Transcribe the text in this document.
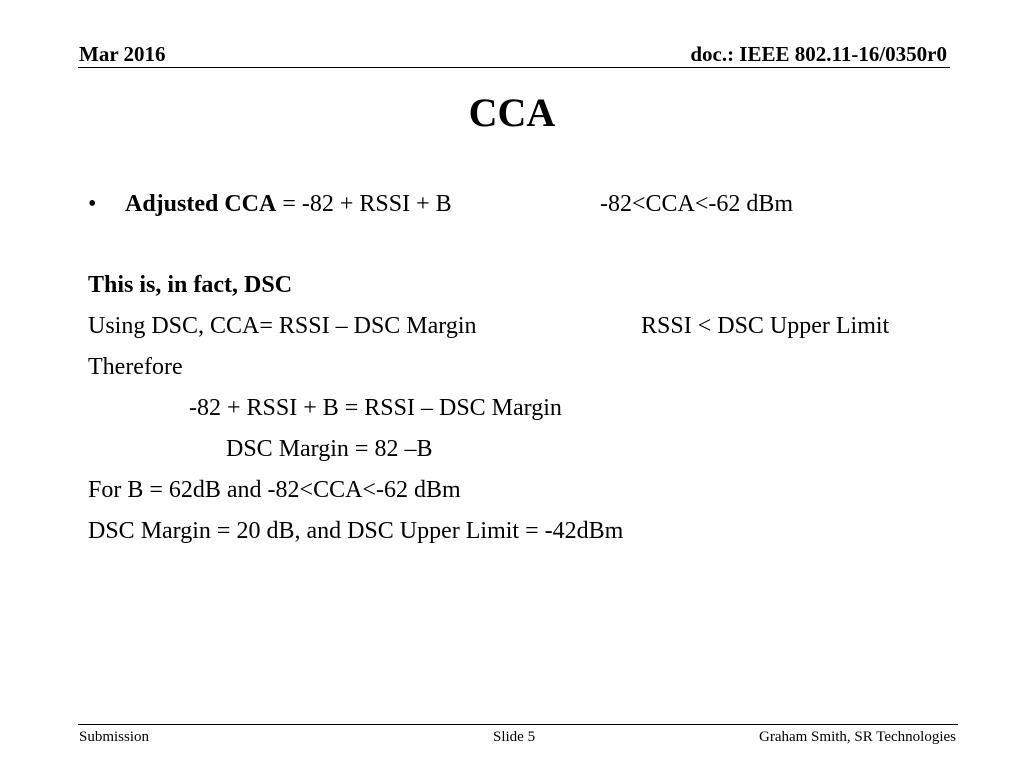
Mar 2016	doc.: IEEE 802.11-16/0350r0
CCA
• Adjusted CCA = -82 + RSSI + B	-82<CCA<-62 dBm
This is, in fact, DSC
Using DSC, CCA= RSSI – DSC Margin	RSSI < DSC Upper Limit
Therefore
-82 + RSSI + B = RSSI – DSC Margin
DSC Margin = 82 –B
For B = 62dB and -82<CCA<-62 dBm
DSC Margin = 20 dB, and DSC Upper Limit = -42dBm
Submission	Slide 5	Graham Smith, SR Technologies
